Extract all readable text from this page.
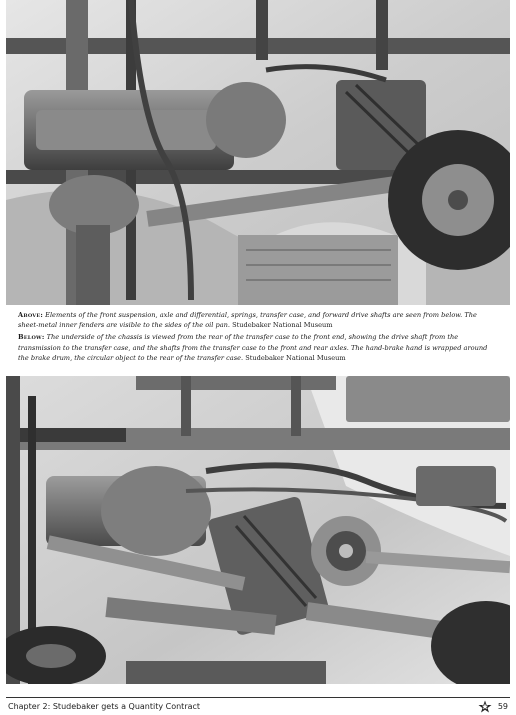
Above: Elements of the front suspension, axle and differential, springs, transfer case, and forward drive shafts are seen from below. The sheet-metal inner fenders are visible to the sides of the oil pan. Studebaker National Museum

Below: The underside of the chassis is viewed from the rear of the transfer case to the front end, showing the drive shaft from the transmission to the transfer case, and the shafts from the transfer case to the front and rear axles. The hand-brake hand is wrapped around the brake drum, the circular object to the rear of the transfer case. Studebaker National Museum

Chapter 2: Studebaker gets a Quantity Contract	59
